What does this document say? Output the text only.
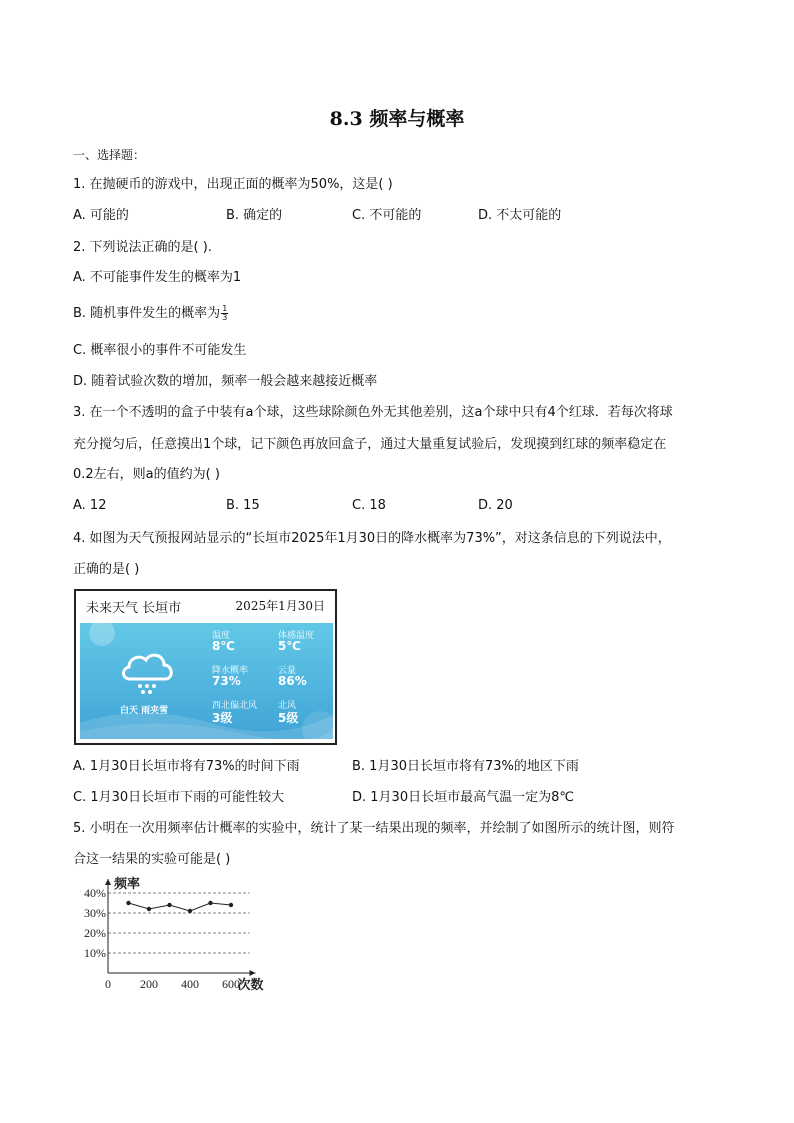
8.3 频率与概率
一、选择题：
1. 在抛硬币的游戏中，出现正面的概率为50%，这是( )
A. 可能的	B. 确定的	C. 不可能的	D. 不太可能的
2. 下列说法正确的是( ).
A. 不可能事件发生的概率为1
B. 随机事件发生的概率为 $\frac{1}{3}$
C. 概率很小的事件不可能发生
D. 随着试验次数的增加，频率一般会越来越接近概率
3. 在一个不透明的盒子中装有a个球，这些球除颜色外无其他差别，这a个球中只有4个红球．若每次将球
充分搅匀后，任意摸出1个球，记下颜色再放回盒子，通过大量重复试验后，发现摸到红球的频率稳定在
0.2左右，则a的值约为( )
A. 12	B. 15	C. 18	D. 20
4. 如图为天气预报网站显示的“长垣市2025年1月30日的降水概率为73%”，对这条信息的下列说法中，
正确的是( )
未来天气 长垣市	2025年1月30日
白天 雨夹雪
温度
8℃
体感温度
5℃
降水概率
73%
云量
86%
西北偏北风
3级
北风
5级
A. 1月30日长垣市将有73%的时间下雨	B. 1月30日长垣市将有73%的地区下雨
C. 1月30日长垣市下雨的可能性较大	D. 1月30日长垣市最高气温一定为8℃
5. 小明在一次用频率估计概率的实验中，统计了某一结果出现的频率，并绘制了如图所示的统计图，则符
合这一结果的实验可能是( )
10%
20%
30%
40%
0 200 400 600
频率
次数
